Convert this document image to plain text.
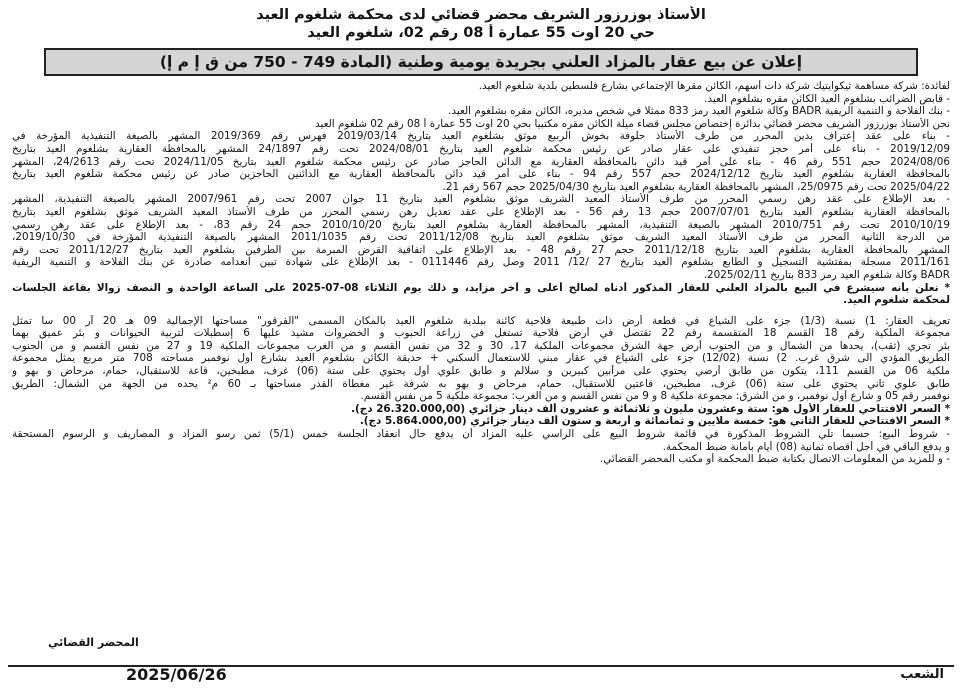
الأستاذ بوزرزور الشريف محضر قضائي لدى محكمة شلغوم العيد
حي 20 اوت 55 عمارة أ 08 رقم 02، شلغوم العيد
إعلان عن بيع عقار بالمزاد العلني بجريدة يومية وطنية (المادة 749 - 750 من ق إ م إ)
لفائدة: شركة مساهمة ثيكوايتيك شركة ذات أسهم، الكائن مقرها الإجتماعي بشارع فلسطين بلدية شلغوم العيد.
- قابض الضرائب بشلغوم العيد الكائن مقره بشلغوم العيد.
- بنك الفلاحة و التنمية الريفية BADR وكالة شلغوم العيد رمز 833 ممثلا في شخص مديره، الكائن مقره بشلغوم العيد.
نحن الأستاذ بوزرزور الشريف محضر قضائي بدائرة إختصاص مجلس قضاء ميلة الكائن مقره مكتبيا بحي 20 اوت 55 عمارة أ 08 رقم 02 شلغوم العيد
- بناء على عقد إعتراف بدين المحرر من طرف الأستاذ حلوفة بخوش الربيع موثق بشلغوم العيد بتاريخ 2019/03/14 فهرس رقم 2019/369 المشهر بالصيغة التنفيذية المؤرخة في
2019/12/09 - بناء على أمر حجز تنفيذي على عقار صادر عن رئيس محكمة شلغوم العيد بتاريخ 2024/08/01 تحت رقم 24/1897 المشهر بالمحافظة العقارية بشلغوم العيد بتاريخ
2024/08/06 حجم 551 رقم 46 - بناء على أمر قيد دائن بالمحافظة العقارية مع الدائن الحاجز صادر عن رئيس محكمة شلغوم العيد بتاريخ 2024/11/05 تحت رقم 24/2613، المشهر
بالمحافظة العقارية بشلغوم العيد بتاريخ 2024/12/12 حجم 557 رقم 94 - بناء على أمر قيد دائن بالمحافظة العقارية مع الدائنين الحاجزين صادر عن رئيس محكمة شلغوم العيد بتاريخ
2025/04/22 تحت رقم 25/0975، المشهر بالمحافظة العقارية بشلغوم العيد بتاريخ 2025/04/30 حجم 567 رقم 21.
- بعد الإطلاع على عقد رهن رسمي المحرر من طرف الأستاذ المعيد الشريف موثق بشلغوم العيد بتاريخ 11 جوان 2007 تحت رقم 2007/961 المشهر بالصيغة التنفيذية، المشهر
بالمحافظة العقارية بشلغوم العيد بتاريخ 2007/07/01 حجم 13 رقم 56 - بعد الإطلاع على عقد تعديل رهن رسمي المحرر من طرف الأستاذ المعيد الشريف موثق بشلغوم العيد بتاريخ
2010/10/19 تحت رقم 2010/751 المشهر بالصيغة التنفيذية، المشهر بالمحافظة العقارية بشلغوم العيد بتاريخ 2010/10/20 حجم 24 رقم 83، - بعد الإطلاع على عقد رهن رسمي
من الدرجة الثانية المحرر من طرف الأستاذ المعيد الشريف موثق بشلغوم العيد بتاريخ 2011/12/08 تحت رقم 2011/1035 المشهر بالصيغة التنفيذية المؤرخة في 2019/10/30،
المشهر بالمحافظة العقارية بشلغوم العيد بتاريخ 2011/12/18 حجم 27 رقم 48 - بعد الإطلاع على اتفاقية القرض المبرمة بين الطرفين بشلغوم العيد بتاريخ 2011/12/27 تحت رقم
2011/161 مسجلة بمفتشية التسجيل و الطابع بشلغوم العيد بتاريخ 27 /12/ 2011 وصل رقم 0111446 - بعد الإطلاع على شهادة تبين انعدامه صادرة عن بنك الفلاحة و التنمية الريفية
BADR وكالة شلغوم العيد رمز 833 بتاريخ 2025/02/11.
* نعلن بأنه سيشرع في البيع بالمزاد العلني للعقار المذكور أدناه لصالح أعلى و آخر مزايد، و ذلك يوم الثلاثاء 08-07-2025 على الساعة الواحدة و النصف زوالا بقاعة الجلسات
لمحكمة شلغوم العيد.
تعريف العقار: 1) نسبة (1/3) جزء على الشياع في قطعة أرض ذات طبيعة فلاحية كائنة ببلدية شلغوم العيد بالمكان المسمى "الفرقور" مساحتها الإجمالية 09 هـ 20 آر 00 سا تمثل
مجموعة الملكية رقم 18 القسم 18 المتقسمة رقم 22 تقتصل في أرض فلاحية تستغل في زراعة الحبوب و الخضروات مشيد عليها 6 إسطبلات لتربية الحيوانات و بئر عميق بهما
بئر تجري (ثقب)، يحدها من الشمال و من الجنوب أرض جهة الشرق مجموعات الملكية 17، 30 و 32 من نفس القسم و من الغرب مجموعات الملكية 19 و 27 من نفس القسم و من الجنوب
الطريق المؤدي الى شرق غرب. 2) نسبة (12/02) جزء على الشياع في عقار مبني للاستعمال السكني + حديقة الكائن بشلغوم العيد بشارع أول نوفمبر مساحته 708 متر مربع يمثل مجموعة
ملكية 06 من القسم 111، يتكون من طابق أرضي يحتوي على مرآبين كبيرين و سلالم و طابق علوي أول يحتوي على ستة (06) غرف، مطبخين، قاعة للاستقبال، حمام، مرحاض و بهو و
طابق علوي ثاني يحتوي على ستة (06) غرف، مطبخين، قاعتين للاستقبال، حمام، مرحاض و بهو به شرفة غير مغطاة القدر مساحتها بـ 60 م² يحده من الجهة من الشمال: الطريق
نوفمبر رقم 05 و شارع أول نوفمبر، و من الشرق: مجموعة ملكية 8 و 9 من نفس القسم و من الغرب: مجموعة ملكية 5 من نفس القسم.
* السعر الافتتاحي للعقار الأول هو: ستة وعشرون مليون و ثلاثمائة و عشرون ألف دينار جزائري (26.320.000,00 دج).
* السعر الافتتاحي للعقار الثاني هو: خمسة ملايين و ثمانمائة و أربعة و ستون ألف دينار جزائري (5.864.000,00 دج).
- شروط البيع: حسبما تلي الشروط المذكورة في قائمة شروط البيع على الراسي عليه المزاد أن يدفع حال انعقاد الجلسة خمس (5/1) ثمن رسو المزاد و المصاريف و الرسوم المستحقة
و يدفع الباقي في أجل أقصاه ثمانية (08) أيام بأمانة ضبط المحكمة.
- و للمزيد من المعلومات الاتصال بكتابة ضبط المحكمة أو مكتب المحضر القضائي.
المحضر القضائي
الشعب
2025/06/26
